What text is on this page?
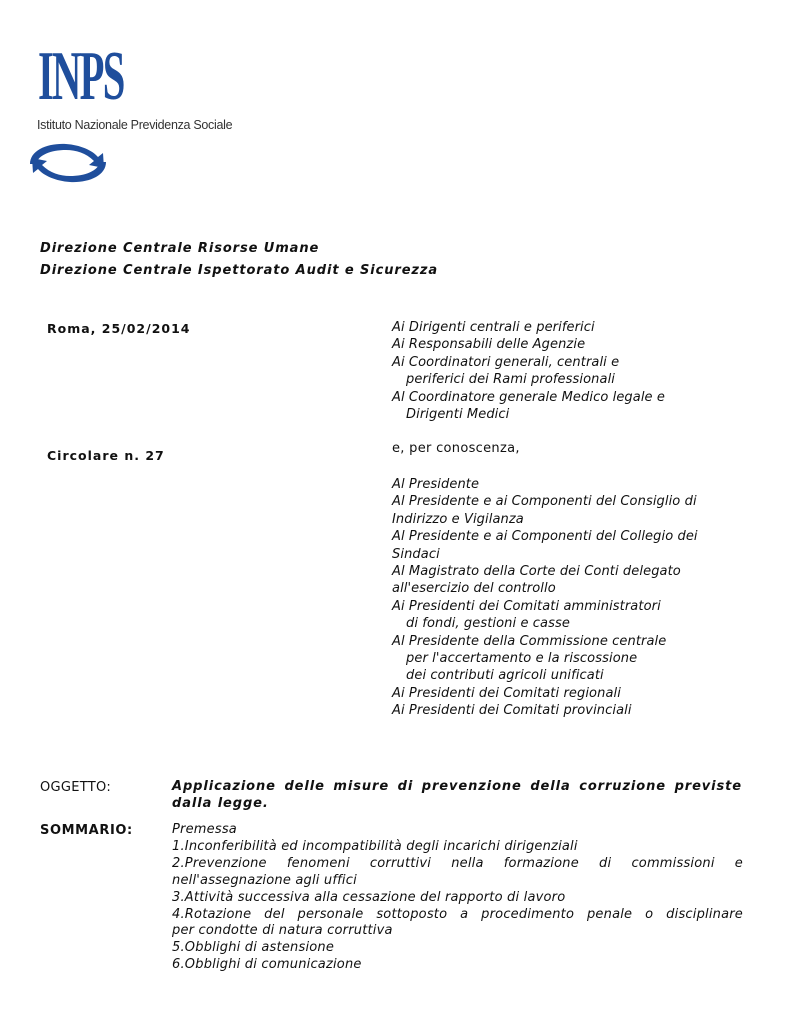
INPS
Istituto Nazionale Previdenza Sociale
Direzione Centrale Risorse Umane
Direzione Centrale Ispettorato Audit e Sicurezza
Roma, 25/02/2014
Circolare n. 27
Ai Dirigenti centrali e periferici
Ai Responsabili delle Agenzie
Ai Coordinatori generali, centrali e
periferici dei Rami professionali
Al Coordinatore generale Medico legale e
Dirigenti Medici
e, per conoscenza,
Al Presidente
Al Presidente e ai Componenti del Consiglio di
Indirizzo e Vigilanza
Al Presidente e ai Componenti del Collegio dei
Sindaci
Al Magistrato della Corte dei Conti delegato
all'esercizio del controllo
Ai Presidenti dei Comitati amministratori
di fondi, gestioni e casse
Al Presidente della Commissione centrale
per l'accertamento e la riscossione
dei contributi agricoli unificati
Ai Presidenti dei Comitati regionali
Ai Presidenti dei Comitati provinciali
OGGETTO:	Applicazione delle misure di prevenzione della corruzione previste dalla legge.
SOMMARIO:	Premessa
1.Inconferibilità ed incompatibilità degli incarichi dirigenziali
2.Prevenzione fenomeni corruttivi nella formazione di commissioni e
nell'assegnazione agli uffici
3.Attività successiva alla cessazione del rapporto di lavoro
4.Rotazione del personale sottoposto a procedimento penale o disciplinare
per condotte di natura corruttiva
5.Obblighi di astensione
6.Obblighi di comunicazione
